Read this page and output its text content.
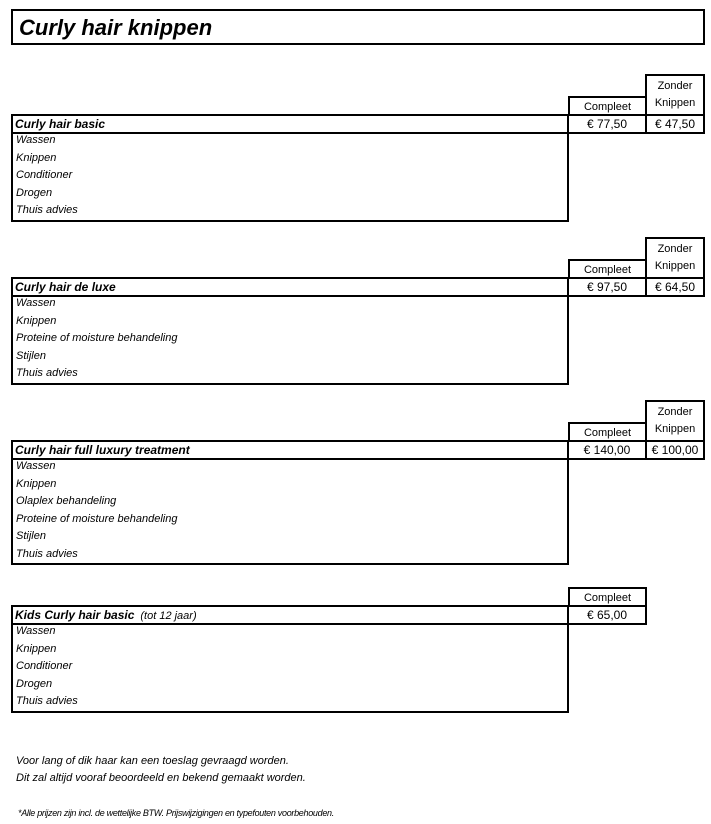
Curly hair knippen
Zonder
Knippen
Compleet
Curly hair basic	€ 77,50	€ 47,50
Wassen
Knippen
Conditioner
Drogen
Thuis advies
Zonder
Knippen
Compleet
Curly hair de luxe	€ 97,50	€ 64,50
Wassen
Knippen
Proteine of moisture behandeling
Stijlen
Thuis advies
Zonder
Knippen
Compleet
Curly hair full luxury treatment	€ 140,00	€ 100,00
Wassen
Knippen
Olaplex behandeling
Proteine of moisture behandeling
Stijlen
Thuis advies
Compleet
Kids Curly hair basic (tot 12 jaar)	€ 65,00
Wassen
Knippen
Conditioner
Drogen
Thuis advies
Voor lang of dik haar kan een toeslag gevraagd worden.
Dit zal altijd vooraf beoordeeld en bekend gemaakt worden.
*Alle prijzen zijn incl. de wettelijke BTW. Prijswijzigingen en typefouten voorbehouden.
